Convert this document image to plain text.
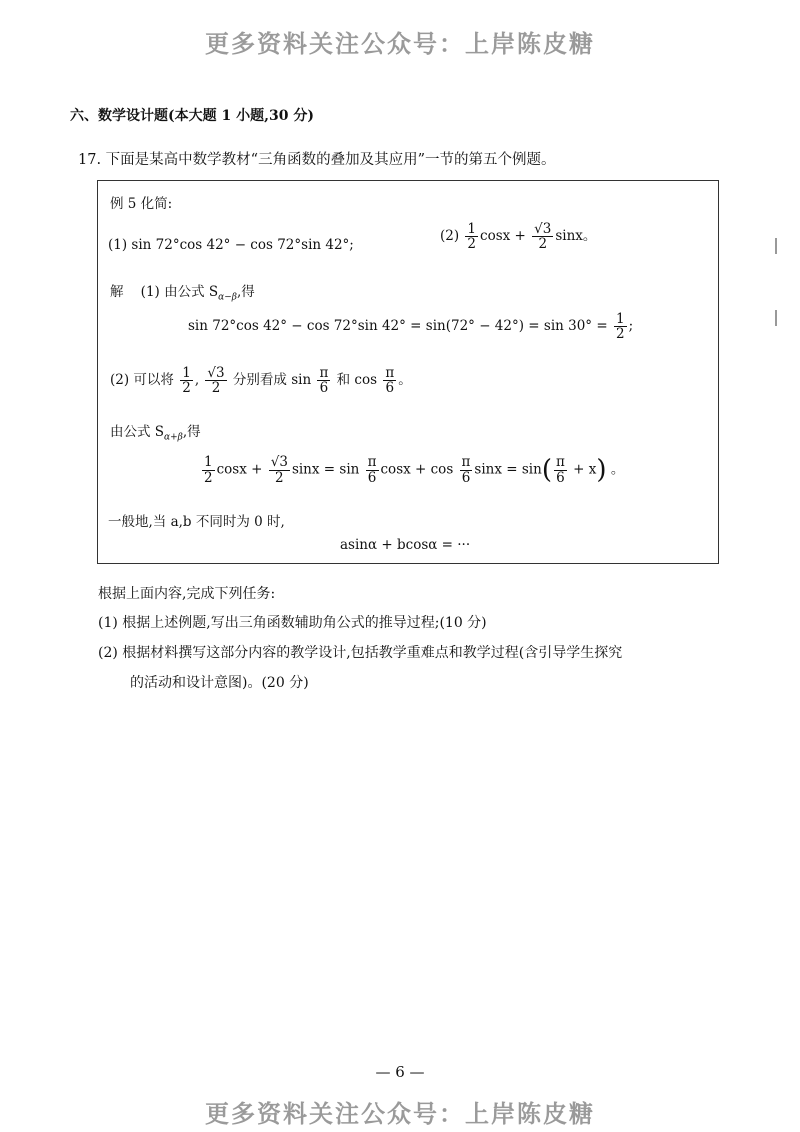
更多资料关注公众号：上岸陈皮糖
六、数学设计题(本大题 1 小题,30 分)
17. 下面是某高中数学教材“三角函数的叠加及其应用”一节的第五个例题。
例 5 化简:
(1) sin 72°cos 42° − cos 72°sin 42°;
$(2) \frac{1}{2}$ $\cos x + \frac{√3}{2}$ sinx。
解 (1) 由公式 $S_{\alpha-\beta}$,得
sin 72°cos 42° − cos 72°sin $42^\circ = \sin(72^\circ - 42^\circ) = \sin 30^\circ = \frac{1}{2}$ ;
(2) 可以将 $\frac{1}{2}$ , $\frac{√3}{2}$ 分别看成 $\sin \frac{\pi}{6}$ 和 $\cos \frac{\pi}{6}$ 。
由公式 $S_{\alpha+\beta}$,得
$\frac{1}{2}$ $\cos x + \frac{√3}{2}$ $\sin x = \sin \frac{\pi}{6}$ $\cos x + \cos \frac{\pi}{6}$ $\sin x = \sin( \frac{\pi}{6} + x)$ 。
一般地,当 a,b 不同时为 0 时,
asinα + bcosα = ···
根据上面内容,完成下列任务:
(1) 根据上述例题,写出三角函数辅助角公式的推导过程;(10 分)
(2) 根据材料撰写这部分内容的教学设计,包括教学重难点和教学过程(含引导学生探究
的活动和设计意图)。(20 分)
— 6 —
更多资料关注公众号：上岸陈皮糖
